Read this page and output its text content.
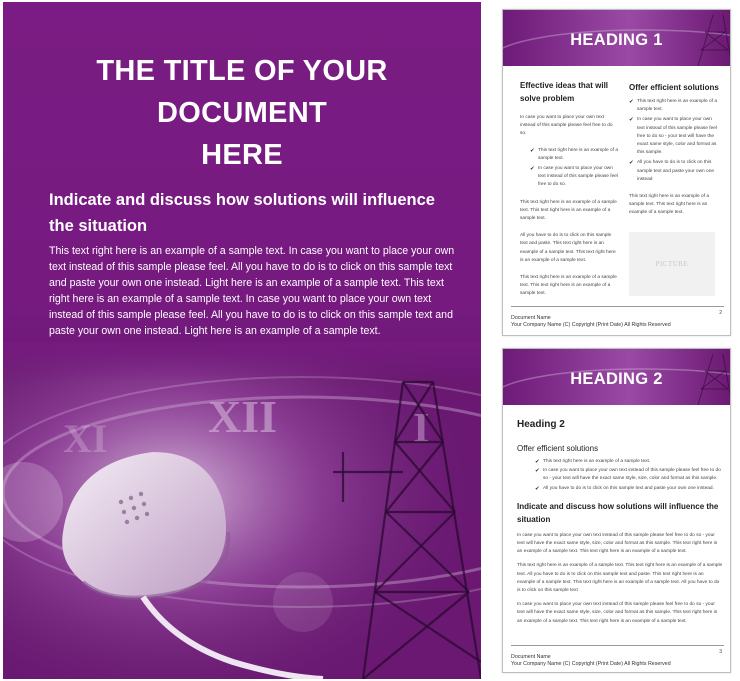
THE TITLE OF YOUR
DOCUMENT
HERE
Indicate and discuss how solutions will influence the situation
This text right here is an example of a sample text. In case you want to place your own text instead of this sample please feel. All you have to do is to click on this sample text and paste your own one instead. Light here is an example of a sample text. This text right here is an example of a sample text. In case you want to place your own text instead of this sample please feel. All you have to do is to click on this sample text and paste your own one instead. Light here is an example of a sample text.
XII
XI	I
HEADING 1
Effective ideas that will solve problem
In case you want to place your own text instead of this sample please feel free to do so.
✔ This text right here is an example of a sample text.
✔ In case you want to place your own text instead of this sample please feel free to do so.
This text right here is an example of a sample text. This text right here is an example of a sample text.
All you have to do is to click on this sample text and paste. This text right here is an example of a sample text. This text right here is an example of a sample text.
This text right here is an example of a sample text. This text right here is an example of a sample text.
Offer efficient solutions
✔ This text right here is an example of a sample text.
✔ In case you want to place your own text instead of this sample please feel free to do so - your text will have the exact same style, color and format as this sample.
✔ All you have to do is to click on this sample text and paste your own one instead
This text right here is an example of a sample text. This text right here is an example of a sample text.
PICTURE
2
Document Name
Your Company Name (C) Copyright (Print Date) All Rights Reserved
HEADING 2
Heading 2
Offer efficient solutions
✔ This text right here is an example of a sample text.
✔ In case you want to place your own text instead of this sample please feel free to do so - your text will have the exact same style, size, color and format as this sample.
✔ All you have to do is to click on this sample text and paste your own one instead.
Indicate and discuss how solutions will influence the situation
In case you want to place your own text instead of this sample please feel free to do so - your text will have the exact same style, size, color and format as this sample. This text right here is an example of a sample text. This text right here is an example of a sample text.
This text right here is an example of a sample text. This text right here is an example of a sample text. All you have to do is to click on this sample text and paste. This text right here is an example of a sample text. This text right here is an example of a sample text. All you have to do is to click on this sample text
In case you want to place your own text instead of this sample please feel free to do so - your text will have the exact same style, size, color and format as this sample. This text right here is an example of a sample text. This text right here is an example of a sample text.
3
Document Name
Your Company Name (C) Copyright (Print Date) All Rights Reserved
